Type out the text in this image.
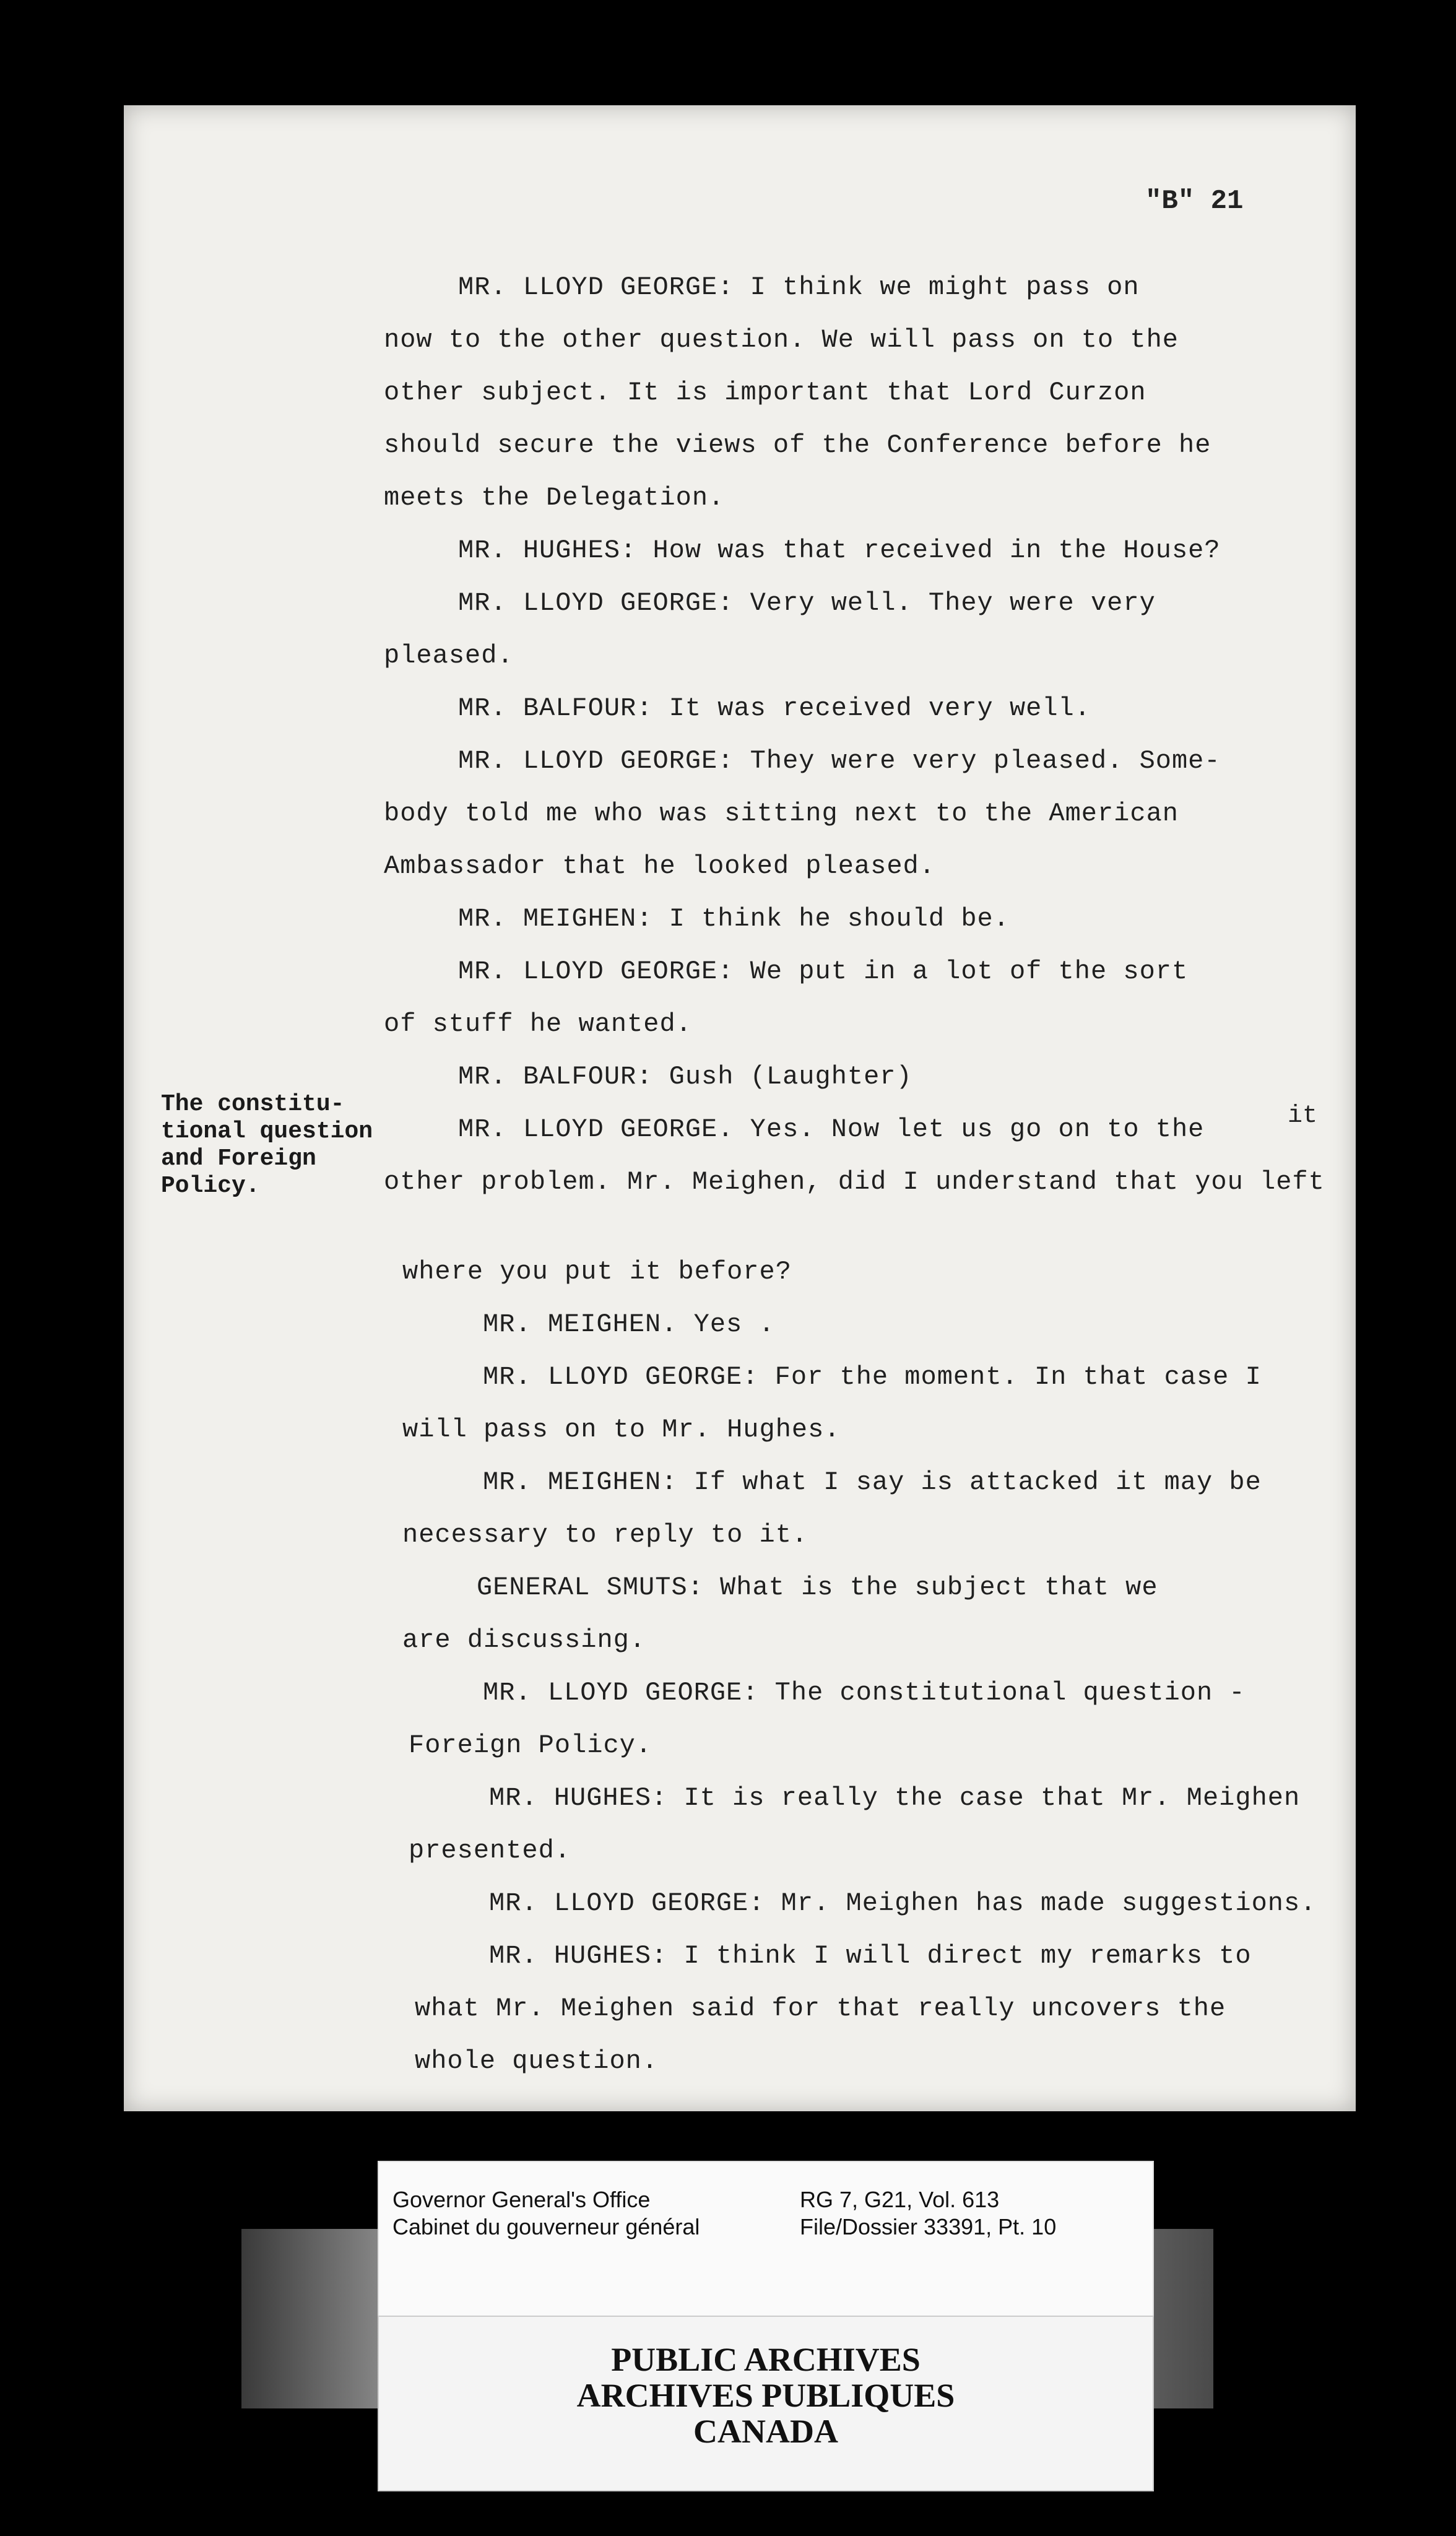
"B" 21
MR. LLOYD GEORGE: I think we might pass on
now to the other question. We will pass on to the
other subject. It is important that Lord Curzon
should secure the views of the Conference before he
meets the Delegation.
MR. HUGHES: How was that received in the House?
MR. LLOYD GEORGE: Very well. They were very
pleased.
MR. BALFOUR: It was received very well.
MR. LLOYD GEORGE: They were very pleased. Some-
body told me who was sitting next to the American
Ambassador that he looked pleased.
MR. MEIGHEN: I think he should be.
MR. LLOYD GEORGE: We put in a lot of the sort
of stuff he wanted.
MR. BALFOUR: Gush (Laughter)
MR. LLOYD GEORGE. Yes. Now let us go on to the
other problem. Mr. Meighen, did I understand that you left
where you put it before?
MR. MEIGHEN. Yes .
MR. LLOYD GEORGE: For the moment. In that case I
will pass on to Mr. Hughes.
MR. MEIGHEN: If what I say is attacked it may be
necessary to reply to it.
GENERAL SMUTS: What is the subject that we
are discussing.
MR. LLOYD GEORGE: The constitutional question -
Foreign Policy.
MR. HUGHES: It is really the case that Mr. Meighen
presented.
MR. LLOYD GEORGE: Mr. Meighen has made suggestions.
MR. HUGHES: I think I will direct my remarks to
what Mr. Meighen said for that really uncovers the
whole question.
it
The constitu-
tional question
and Foreign
Policy.
Governor General's Office
Cabinet du gouverneur général
RG 7, G21, Vol. 613
File/Dossier 33391, Pt. 10
PUBLIC ARCHIVES
ARCHIVES PUBLIQUES
CANADA
